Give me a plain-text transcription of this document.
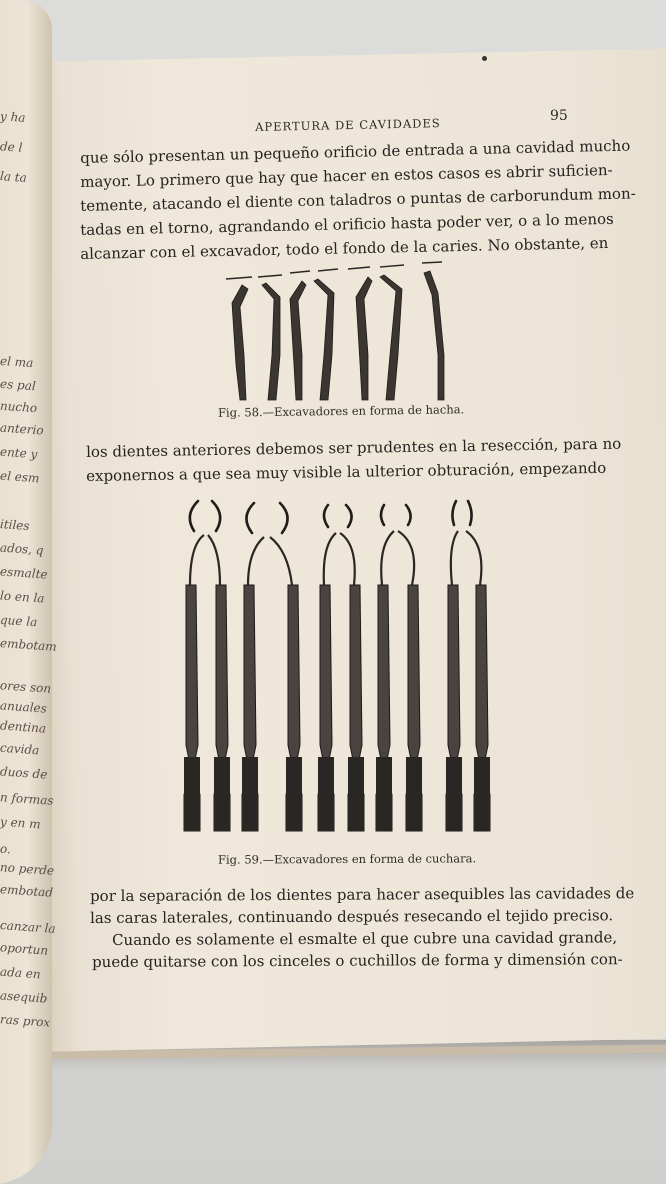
y ha
de l
la ta
el ma
es pal
nucho
anterio
ente y
el esm
itiles
ados, q
esmalte
lo en la
que la
embotam
ores son
anuales
dentina
cavida
duos de
n formas
y en m
o.
no perde
embotad
canzar la
oportun
ada en
asequib
ras prox
APERTURA DE CAVIDADES
95
que sólo presentan un pequeño orificio de entrada a una cavidad mucho
mayor. Lo primero que hay que hacer en estos casos es abrir suficien-
temente, atacando el diente con taladros o puntas de carborundum mon-
tadas en el torno, agrandando el orificio hasta poder ver, o a lo menos
alcanzar con el excavador, todo el fondo de la caries. No obstante, en
Fig. 58.—Excavadores en forma de hacha.
los dientes anteriores debemos ser prudentes en la resección, para no
exponernos a que sea muy visible la ulterior obturación, empezando
Fig. 59.—Excavadores en forma de cuchara.
por la separación de los dientes para hacer asequibles las cavidades de
las caras laterales, continuando después resecando el tejido preciso.
Cuando es solamente el esmalte el que cubre una cavidad grande,
puede quitarse con los cinceles o cuchillos de forma y dimensión con-
